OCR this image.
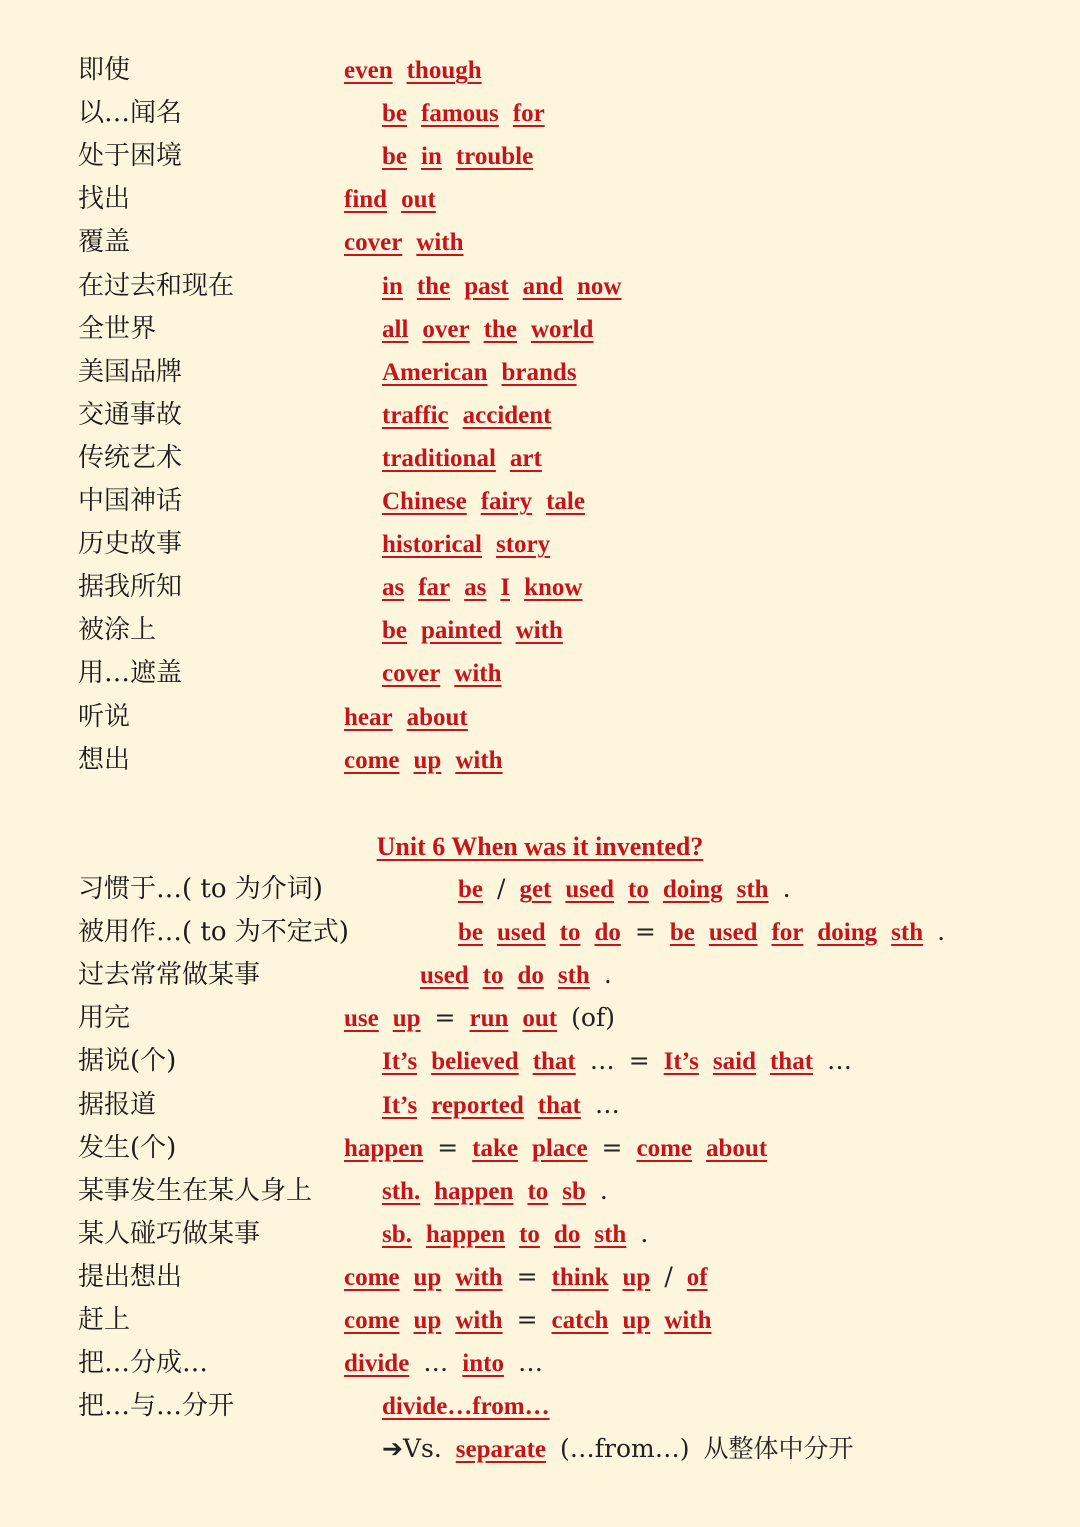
即使	even though
以…闻名	be famous for
处于困境	be in trouble
找出	find out
覆盖	cover with
在过去和现在	in the past and now
全世界	all over the world
美国品牌	American brands
交通事故	traffic accident
传统艺术	traditional art
中国神话	Chinese fairy tale
历史故事	historical story
据我所知	as far as I know
被涂上	be painted with
用…遮盖	cover with
听说	hear about
想出	come up with
习惯于…( to 为介词)	be / get used to doing sth .
被用作…( to 为不定式)	be used to do = be used for doing sth .
过去常常做某事	used to do sth .
用完	use up = run out (of)
据说(个)	It’s believed that … = It’s said that …
据报道	It’s reported that …
发生(个)	happen = take place = come about
某事发生在某人身上	sth. happen to sb .
某人碰巧做某事	sb. happen to do sth .
提出想出	come up with = think up / of
赶上	come up with = catch up with
把…分成…	divide … into …
把…与…分开	divide…from…
➔Vs. separate (…from…) 从整体中分开
Unit 6 When was it invented?
